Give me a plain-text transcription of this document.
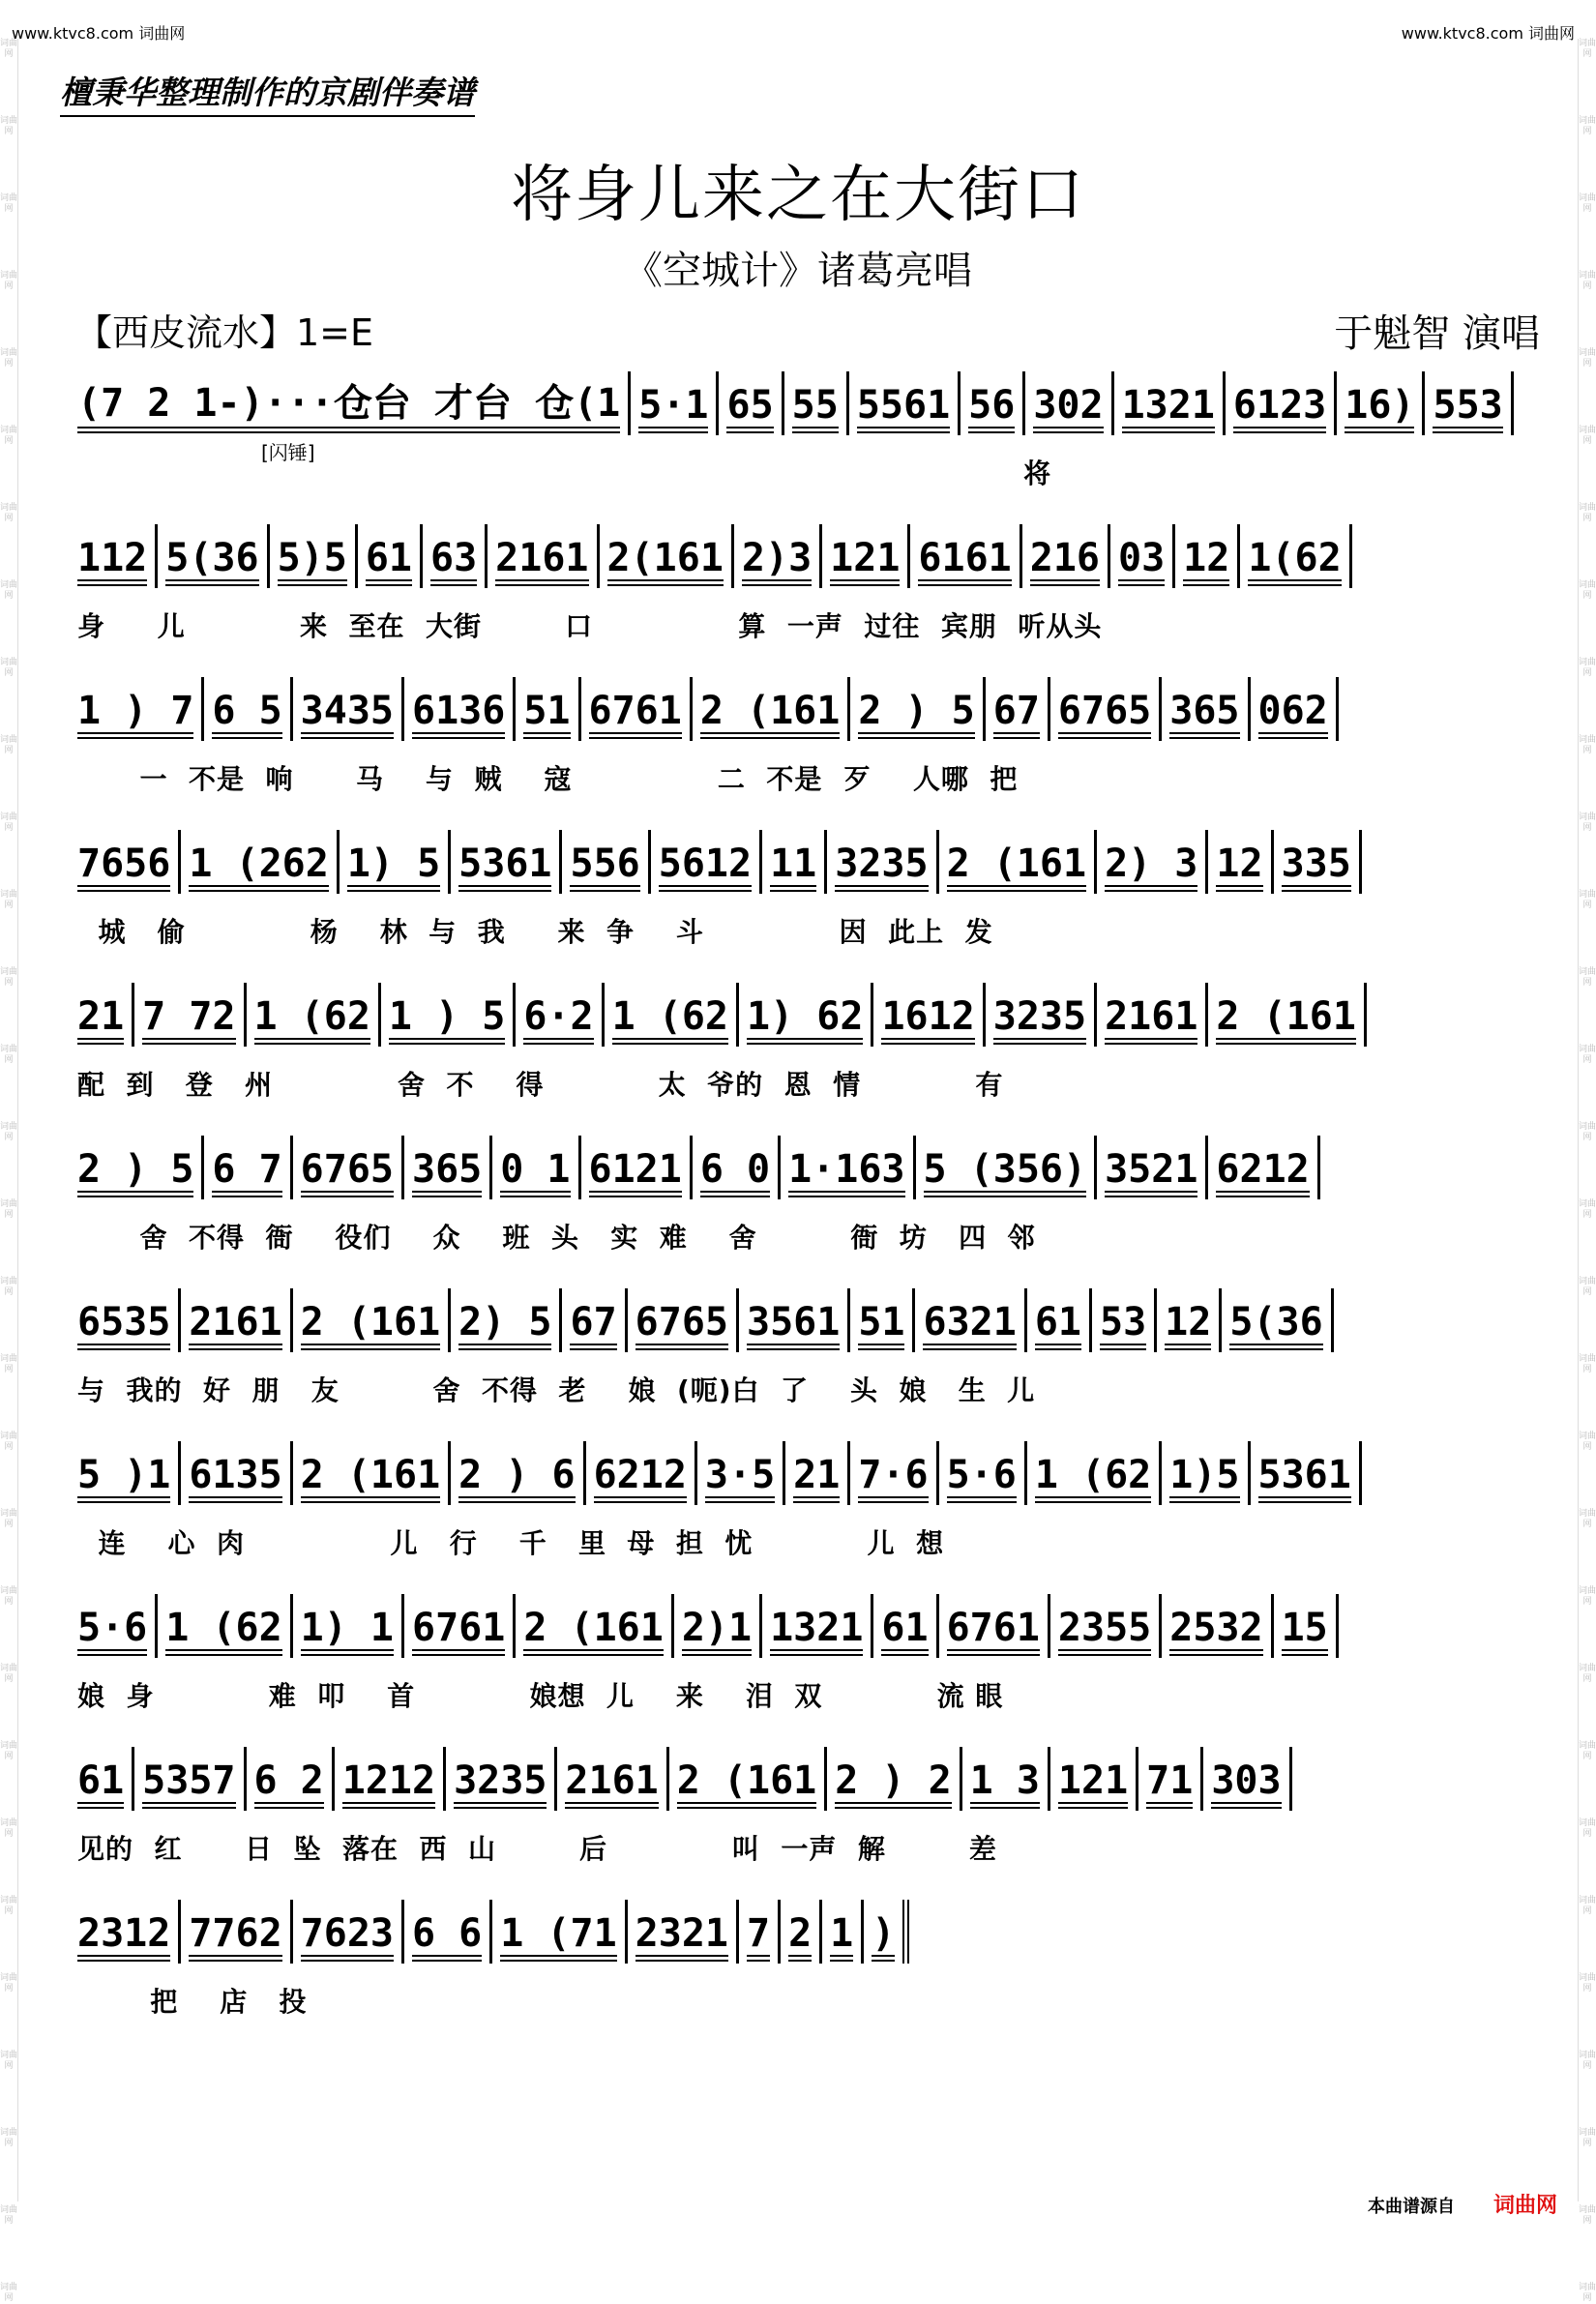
www.ktvc8.com 词曲网	www.ktvc8.com 词曲网
词曲网
词曲网
词曲网
词曲网
词曲网
词曲网
词曲网
词曲网
词曲网
词曲网
词曲网
词曲网
词曲网
词曲网
词曲网
词曲网
词曲网
词曲网
词曲网
词曲网
词曲网
词曲网
词曲网
词曲网
词曲网
词曲网
词曲网
词曲网
词曲网
词曲网
词曲网
词曲网
词曲网
词曲网
词曲网
词曲网
词曲网
词曲网
词曲网
词曲网
词曲网
词曲网
词曲网
词曲网
词曲网
词曲网
词曲网
词曲网
词曲网
词曲网
词曲网
词曲网
词曲网
词曲网
词曲网
词曲网
词曲网
词曲网
词曲网
词曲网
檀秉华整理制作的京剧伴奏谱
将身儿来之在大街口
《空城计》诸葛亮唱
【西皮流水】1=E	于魁智 演唱
(7 2 1-)···仓台 才台 仓(1 5·1 65 55 5561 56 302 1321 6123 16) 553
[闪锤]
将
112 5(36 5)5 61 63 2161 2(161 2)3 121 6161 216 03 12 1(62
身     儿           来  至在  大街        口              算  一声  过往  宾朋  听从头
1 ) 7 6 5 3435 6136 51 6761 2 (161 2 ) 5 67 6765 365 062
一  不是  响      马    与  贼    寇              二  不是  歹    人哪  把
7656 1 (262 1) 5 5361 556 5612 11 3235 2 (161 2) 3 12 335
城   偷            杨    林  与  我     来  争    斗             因  此上  发
21 7 72 1 (62 1 ) 5 6·2 1 (62 1) 62 1612 3235 2161 2 (161
配  到   登   州            舍  不    得           太  爷的  恩  情           有
2 ) 5 6 7 6765 365 0 1 6121 6 0 1·163 5 (356) 3521 6212
舍  不得  衙    役们    众    班  头   实  难    舍         衙  坊   四  邻
6535 2161 2 (161 2) 5 67 6765 3561 51 6321 61 53 12 5(36
与  我的  好  朋   友         舍  不得  老    娘  (呃)白  了    头  娘   生  儿
5 )1 6135 2 (161 2 ) 6 6212 3·5 21 7·6 5·6 1 (62 1)5 5361
连    心  肉              儿   行    千   里  母  担  忧           儿  想
5·6 1 (62 1) 1 6761 2 (161 2)1 1321 61 6761 2355 2532 15
娘  身           难  叩    首           娘想  儿    来    泪  双           流 眼
61 5357 6 2 1212 3235 2161 2 (161 2 ) 2 1 3 121 71 303
见的  红      日  坠  落在  西  山        后            叫  一声  解        差
2312 7762 7623 6 6 1 (71 2321 7 2 1 )
把    店   投
本曲谱源自 词曲网
